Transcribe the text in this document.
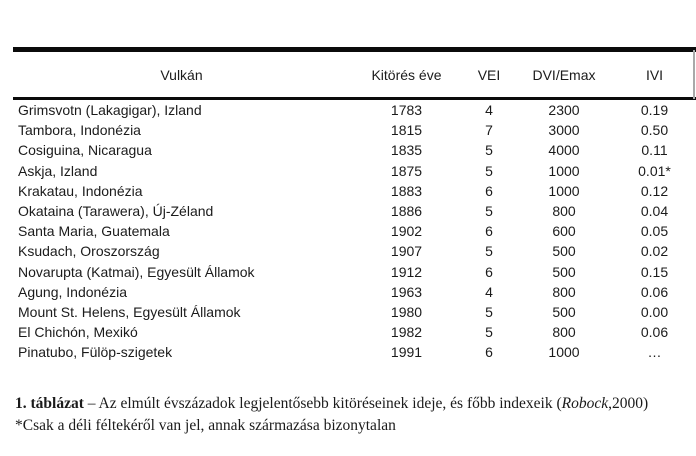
Vulkán	Kitörés éve	VEI	DVI/Emax	IVI
Grimsvotn (Lakagigar), Izland	1783	4	2300	0.19
Tambora, Indonézia	1815	7	3000	0.50
Cosiguina, Nicaragua	1835	5	4000	0.11
Askja, Izland	1875	5	1000	0.01*
Krakatau, Indonézia	1883	6	1000	0.12
Okataina (Tarawera), Új-Zéland	1886	5	800	0.04
Santa Maria, Guatemala	1902	6	600	0.05
Ksudach, Oroszország	1907	5	500	0.02
Novarupta (Katmai), Egyesült Államok	1912	6	500	0.15
Agung, Indonézia	1963	4	800	0.06
Mount St. Helens, Egyesült Államok	1980	5	500	0.00
El Chichón, Mexikó	1982	5	800	0.06
Pinatubo, Fülöp-szigetek	1991	6	1000	…
1. táblázat – Az elmúlt évszázadok legjelentősebb kitöréseinek ideje, és főbb indexeik (Robock,2000)
*Csak a déli féltekéről van jel, annak származása bizonytalan
